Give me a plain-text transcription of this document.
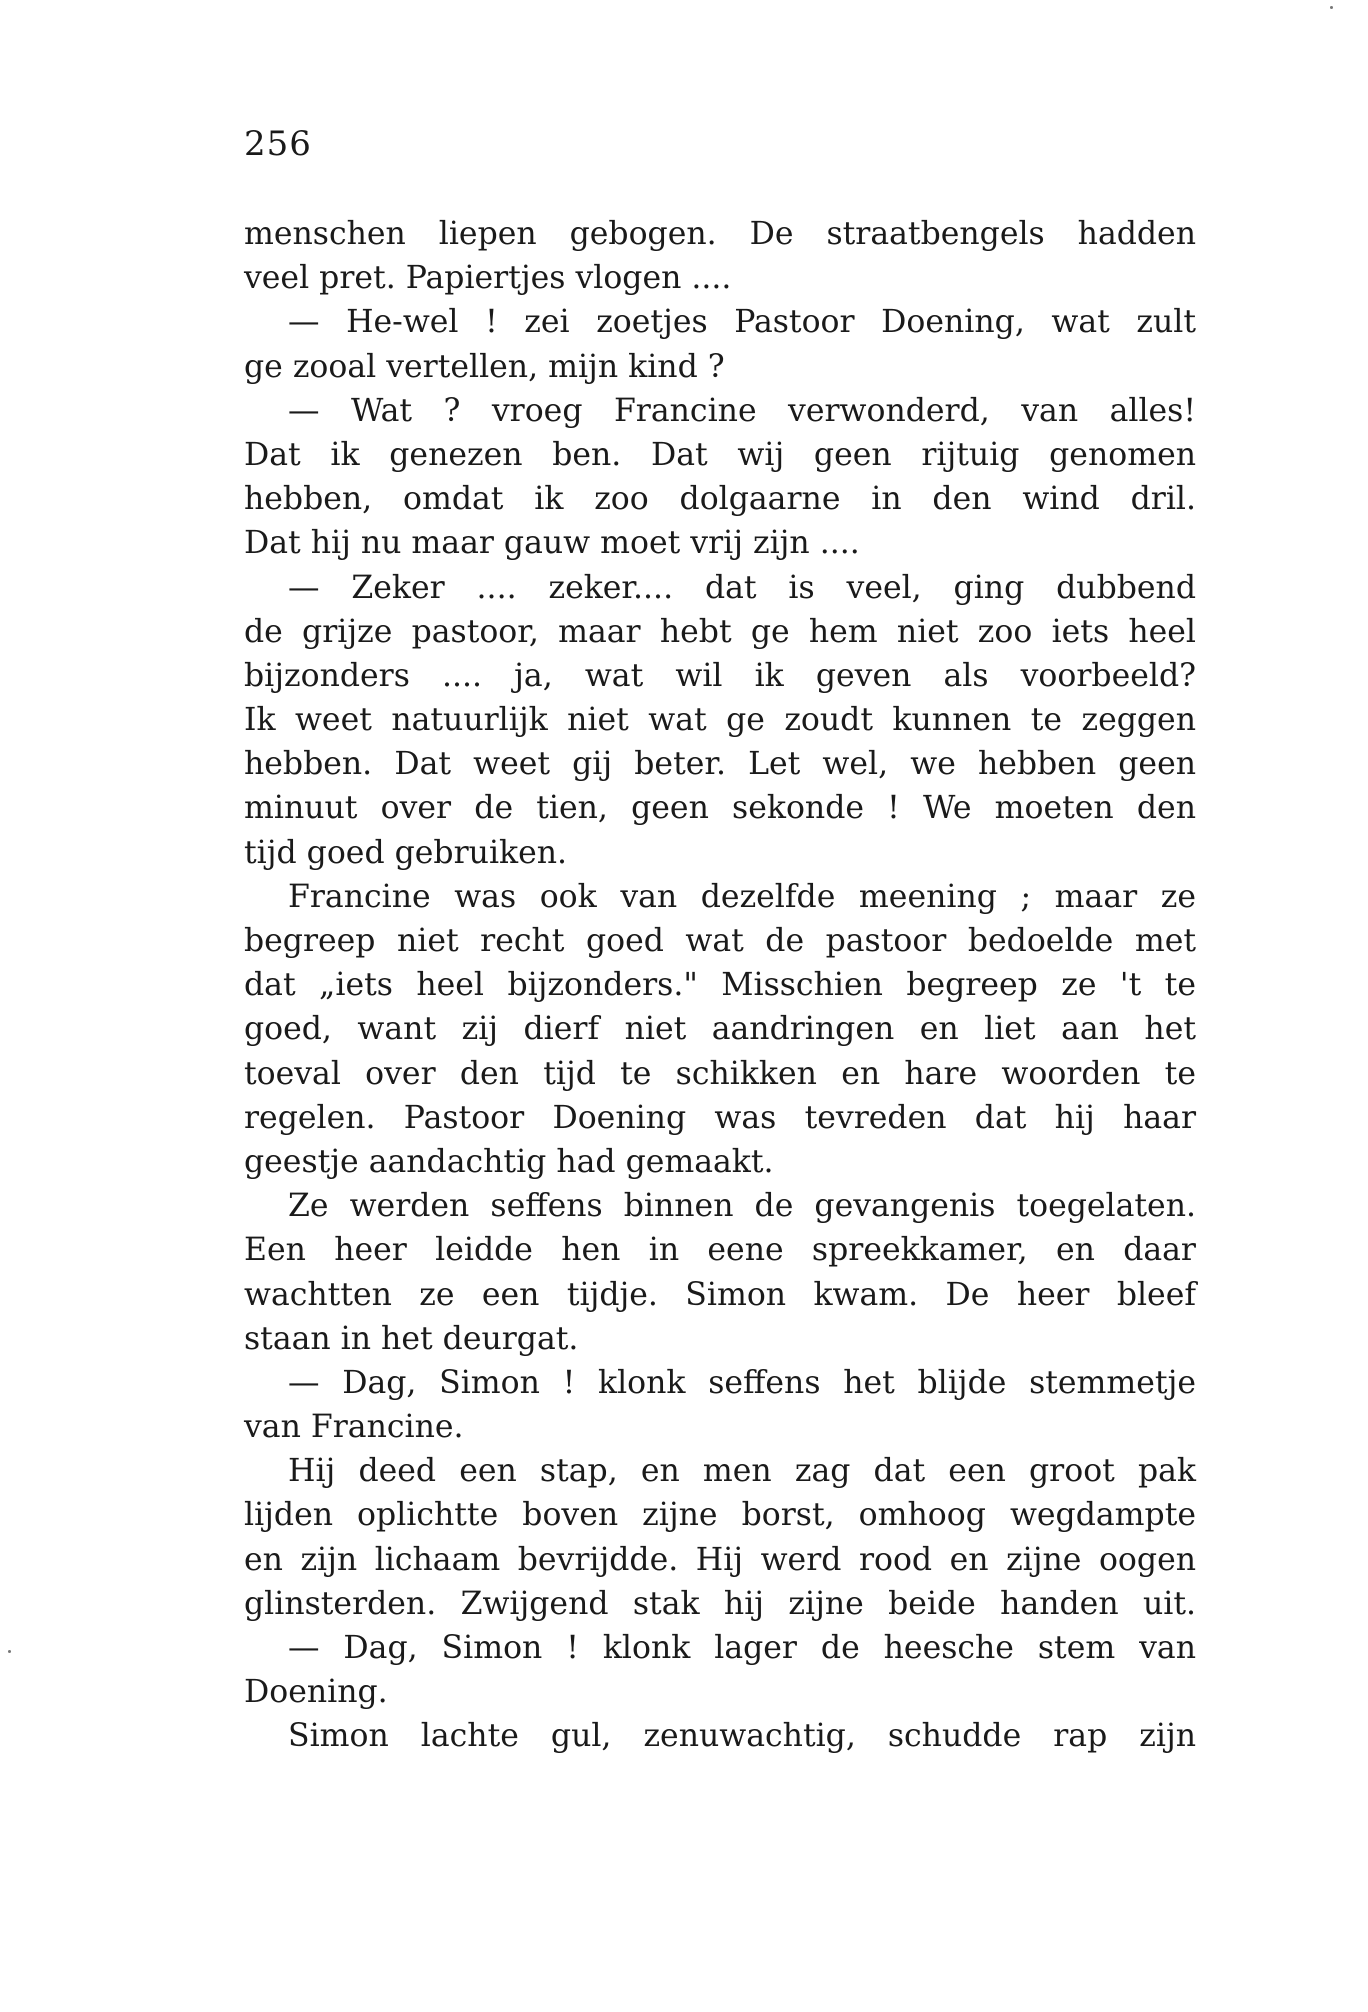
256
menschen liepen gebogen. De straatbengels hadden
veel pret. Papiertjes vlogen ....
— He-wel ! zei zoetjes Pastoor Doening, wat zult
ge zooal vertellen, mijn kind ?
— Wat ? vroeg Francine verwonderd, van alles!
Dat ik genezen ben. Dat wij geen rijtuig genomen
hebben, omdat ik zoo dolgaarne in den wind dril.
Dat hij nu maar gauw moet vrij zijn ....
— Zeker .... zeker.... dat is veel, ging dubbend
de grijze pastoor, maar hebt ge hem niet zoo iets heel
bijzonders .... ja, wat wil ik geven als voorbeeld?
Ik weet natuurlijk niet wat ge zoudt kunnen te zeggen
hebben. Dat weet gij beter. Let wel, we hebben geen
minuut over de tien, geen sekonde ! We moeten den
tijd goed gebruiken.
Francine was ook van dezelfde meening ; maar ze
begreep niet recht goed wat de pastoor bedoelde met
dat „iets heel bijzonders." Misschien begreep ze 't te
goed, want zij dierf niet aandringen en liet aan het
toeval over den tijd te schikken en hare woorden te
regelen. Pastoor Doening was tevreden dat hij haar
geestje aandachtig had gemaakt.
Ze werden seffens binnen de gevangenis toegelaten.
Een heer leidde hen in eene spreekkamer, en daar
wachtten ze een tijdje. Simon kwam. De heer bleef
staan in het deurgat.
— Dag, Simon ! klonk seffens het blijde stemmetje
van Francine.
Hij deed een stap, en men zag dat een groot pak
lijden oplichtte boven zijne borst, omhoog wegdampte
en zijn lichaam bevrijdde. Hij werd rood en zijne oogen
glinsterden. Zwijgend stak hij zijne beide handen uit.
— Dag, Simon ! klonk lager de heesche stem van
Doening.
Simon lachte gul, zenuwachtig, schudde rap zijn
